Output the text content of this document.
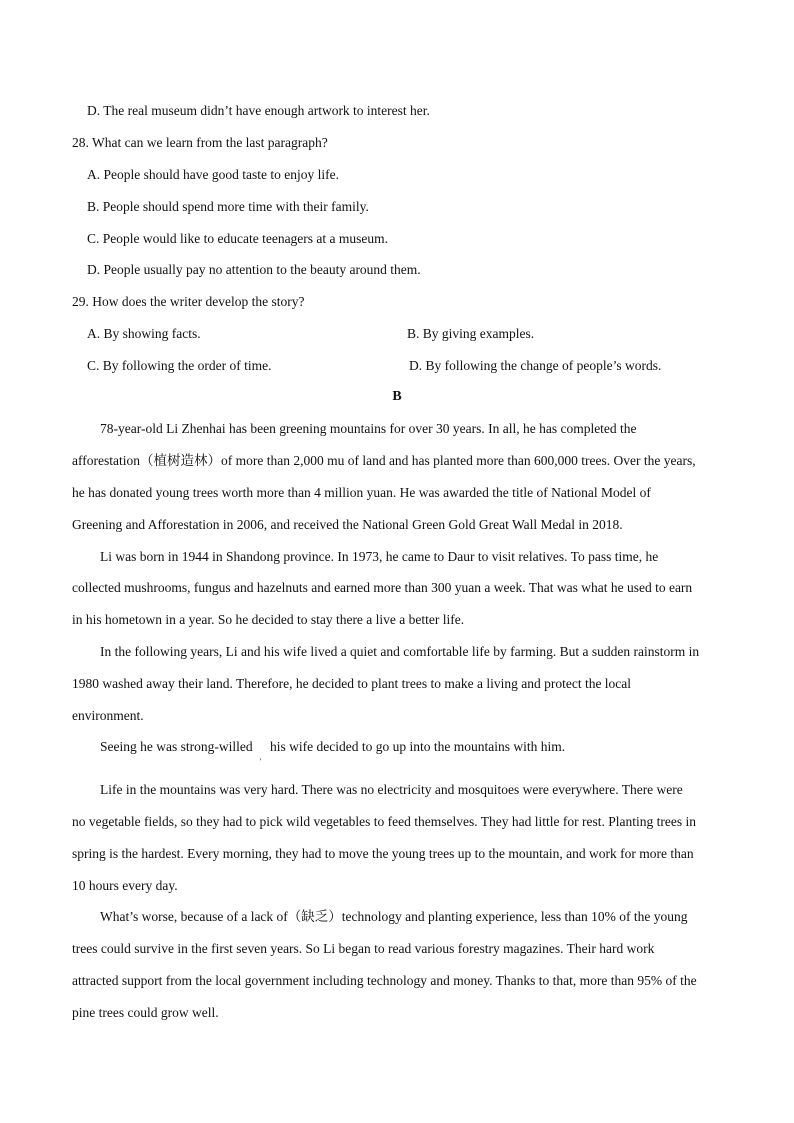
D. The real museum didn’t have enough artwork to interest her.
28. What can we learn from the last paragraph?
A. People should have good taste to enjoy life.
B. People should spend more time with their family.
C. People would like to educate teenagers at a museum.
D. People usually pay no attention to the beauty around them.
29. How does the writer develop the story?
A. By showing facts.	B. By giving examples.
C. By following the order of time.	D. By following the change of people’s words.
B
78-year-old Li Zhenhai has been greening mountains for over 30 years. In all, he has completed the
afforestation（植树造林）of more than 2,000 mu of land and has planted more than 600,000 trees. Over the years,
he has donated young trees worth more than 4 million yuan. He was awarded the title of National Model of
Greening and Afforestation in 2006, and received the National Green Gold Great Wall Medal in 2018.
Li was born in 1944 in Shandong province. In 1973, he came to Daur to visit relatives. To pass time, he
collected mushrooms, fungus and hazelnuts and earned more than 300 yuan a week. That was what he used to earn
in his hometown in a year. So he decided to stay there a live a better life.
In the following years, Li and his wife lived a quiet and comfortable life by farming. But a sudden rainstorm in
1980 washed away their land. Therefore, he decided to plant trees to make a living and protect the local
environment.
Seeing he was strong-willed
'
his wife decided to go up into the mountains with him.
Life in the mountains was very hard. There was no electricity and mosquitoes were everywhere. There were
no vegetable fields, so they had to pick wild vegetables to feed themselves. They had little for rest. Planting trees in
spring is the hardest. Every morning, they had to move the young trees up to the mountain, and work for more than
10 hours every day.
What’s worse, because of a lack of（缺乏）technology and planting experience, less than 10% of the young
trees could survive in the first seven years. So Li began to read various forestry magazines. Their hard work
attracted support from the local government including technology and money. Thanks to that, more than 95% of the
pine trees could grow well.
